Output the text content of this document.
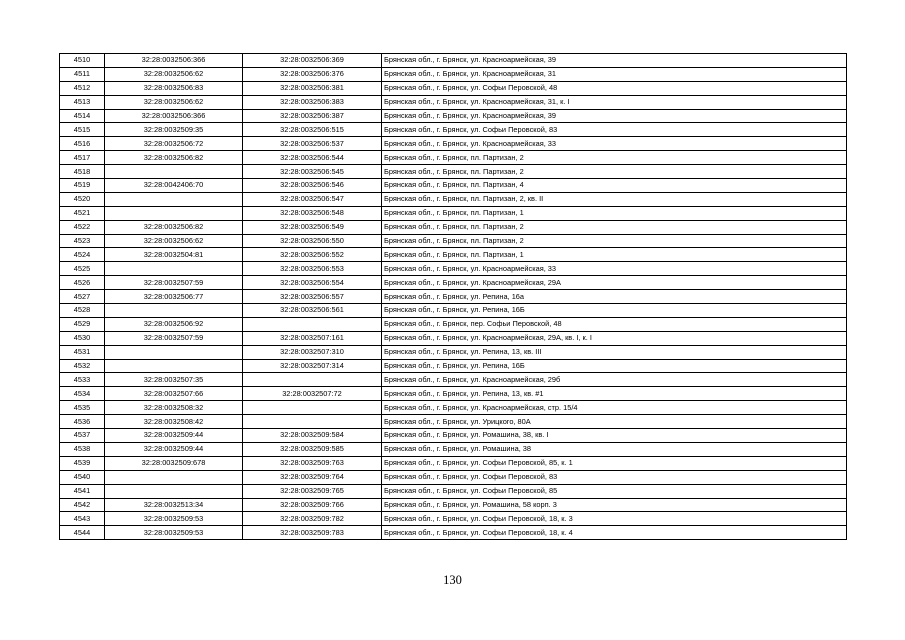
4510	32:28:0032506:366	32:28:0032506:369	Брянская обл., г. Брянск, ул. Красноармейская, 39
4511	32:28:0032506:62	32:28:0032506:376	Брянская обл., г. Брянск, ул. Красноармейская, 31
4512	32:28:0032506:83	32:28:0032506:381	Брянская обл., г. Брянск, ул. Софьи Перовской, 48
4513	32:28:0032506:62	32:28:0032506:383	Брянская обл., г. Брянск, ул. Красноармейская, 31, к. I
4514	32:28:0032506:366	32:28:0032506:387	Брянская обл., г. Брянск, ул. Красноармейская, 39
4515	32:28:0032509:35	32:28:0032506:515	Брянская обл., г. Брянск, ул. Софьи Перовской, 83
4516	32:28:0032506:72	32:28:0032506:537	Брянская обл., г. Брянск, ул. Красноармейская, 33
4517	32:28:0032506:82	32:28:0032506:544	Брянская обл., г. Брянск, пл. Партизан, 2
4518		32:28:0032506:545	Брянская обл., г. Брянск, пл. Партизан, 2
4519	32:28:0042406:70	32:28:0032506:546	Брянская обл., г. Брянск, пл. Партизан, 4
4520		32:28:0032506:547	Брянская обл., г. Брянск, пл. Партизан, 2, кв. II
4521		32:28:0032506:548	Брянская обл., г. Брянск, пл. Партизан, 1
4522	32:28:0032506:82	32:28:0032506:549	Брянская обл., г. Брянск, пл. Партизан, 2
4523	32:28:0032506:62	32:28:0032506:550	Брянская обл., г. Брянск, пл. Партизан, 2
4524	32:28:0032504:81	32:28:0032506:552	Брянская обл., г. Брянск, пл. Партизан, 1
4525		32:28:0032506:553	Брянская обл., г. Брянск, ул. Красноармейская, 33
4526	32:28:0032507:59	32:28:0032506:554	Брянская обл., г. Брянск, ул. Красноармейская, 29А
4527	32:28:0032506:77	32:28:0032506:557	Брянская обл., г. Брянск, ул. Репина, 16а
4528		32:28:0032506:561	Брянская обл., г. Брянск, ул. Репина, 16Б
4529	32:28:0032506:92		Брянская обл., г. Брянск, пер. Софьи Перовской, 48
4530	32:28:0032507:59	32:28:0032507:161	Брянская обл., г. Брянск, ул. Красноармейская, 29А, кв. I, к. I
4531		32:28:0032507:310	Брянская обл., г. Брянск, ул. Репина, 13, кв. III
4532		32:28:0032507:314	Брянская обл., г. Брянск, ул. Репина, 16Б
4533	32:28:0032507:35		Брянская обл., г. Брянск, ул. Красноармейская, 29б
4534	32:28:0032507:66	32:28:0032507:72	Брянская обл., г. Брянск, ул. Репина, 13, кв. #1
4535	32:28:0032508:32		Брянская обл., г. Брянск, ул. Красноармейская, стр. 15/4
4536	32:28:0032508:42		Брянская обл., г. Брянск, ул. Урицкого, 80А
4537	32:28:0032509:44	32:28:0032509:584	Брянская обл., г. Брянск, ул. Ромашина, 38, кв. I
4538	32:28:0032509:44	32:28:0032509:585	Брянская обл., г. Брянск, ул. Ромашина, 38
4539	32:28:0032509:678	32:28:0032509:763	Брянская обл., г. Брянск, ул. Софьи Перовской, 85, к. 1
4540		32:28:0032509:764	Брянская обл., г. Брянск, ул. Софьи Перовской, 83
4541		32:28:0032509:765	Брянская обл., г. Брянск, ул. Софьи Перовской, 85
4542	32:28:0032513:34	32:28:0032509:766	Брянская обл., г. Брянск, ул. Ромашина, 58 корп. 3
4543	32:28:0032509:53	32:28:0032509:782	Брянская обл., г. Брянск, ул. Софьи Перовской, 18, к. 3
4544	32:28:0032509:53	32:28:0032509:783	Брянская обл., г. Брянск, ул. Софьи Перовской, 18, к. 4
130
